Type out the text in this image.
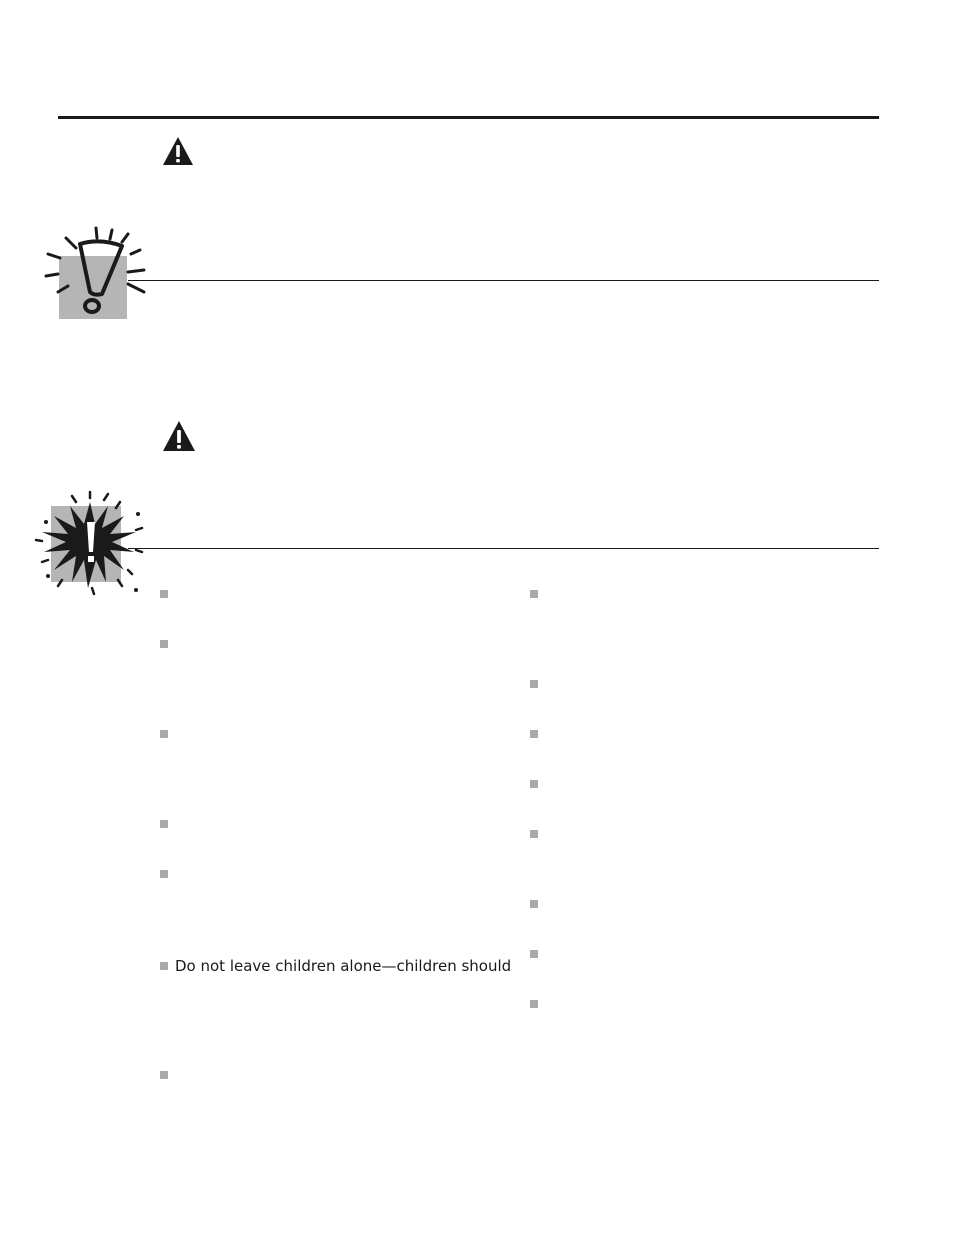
Do not leave children alone—children should
